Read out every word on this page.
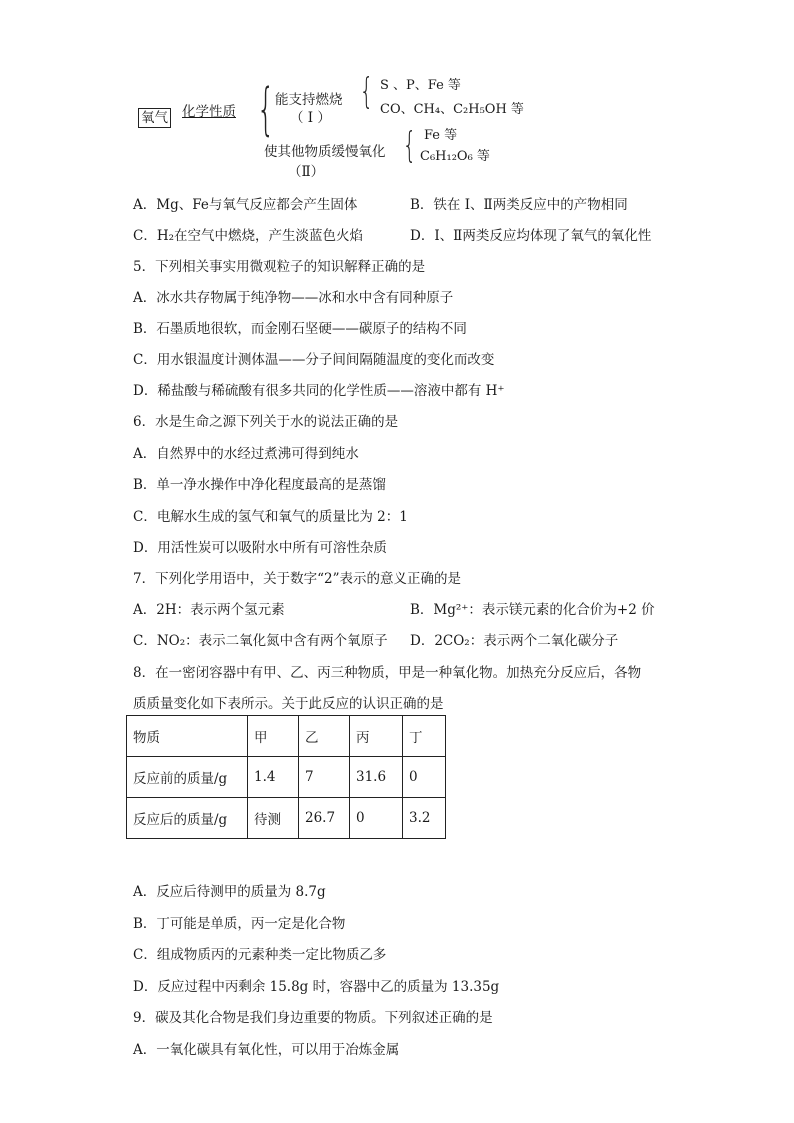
氧气 化学性质 { 能支持燃烧
（ Ⅰ ）
{ S 、P、Fe 等
CO、CH₄、C₂H₅OH 等
使其他物质缓慢氧化
（Ⅱ）
{ Fe 等
C₆H₁₂O₆ 等
A．Mg、Fe与氧气反应都会产生固体	B．铁在 Ⅰ、Ⅱ两类反应中的产物相同
C．H₂在空气中燃烧，产生淡蓝色火焰	D．Ⅰ、Ⅱ两类反应均体现了氧气的氧化性
5．下列相关事实用微观粒子的知识解释正确的是
A．冰水共存物属于纯净物——冰和水中含有同种原子
B．石墨质地很软，而金刚石坚硬——碳原子的结构不同
C．用水银温度计测体温——分子间间隔随温度的变化而改变
D．稀盐酸与稀硫酸有很多共同的化学性质——溶液中都有 H⁺
6．水是生命之源下列关于水的说法正确的是
A．自然界中的水经过煮沸可得到纯水
B．单一净水操作中净化程度最高的是蒸馏
C．电解水生成的氢气和氧气的质量比为 2：1
D．用活性炭可以吸附水中所有可溶性杂质
7．下列化学用语中，关于数字“2”表示的意义正确的是
A．2H：表示两个氢元素	B．Mg²⁺：表示镁元素的化合价为+2 价
C．NO₂：表示二氧化氮中含有两个氧原子 D．2CO₂：表示两个二氧化碳分子
8．在一密闭容器中有甲、乙、丙三种物质，甲是一种氧化物。加热充分反应后，各物
质质量变化如下表所示。关于此反应的认识正确的是
物质	甲	乙	丙	丁
反应前的质量/g	1.4	7	31.6	0
反应后的质量/g	待测	26.7	0	3.2
A．反应后待测甲的质量为 8.7g
B．丁可能是单质，丙一定是化合物
C．组成物质丙的元素种类一定比物质乙多
D．反应过程中丙剩余 15.8g 时，容器中乙的质量为 13.35g
9．碳及其化合物是我们身边重要的物质。下列叙述正确的是
A．一氧化碳具有氧化性，可以用于冶炼金属
